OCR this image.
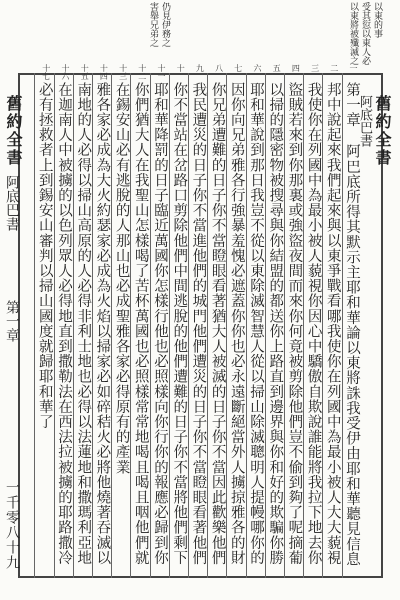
舊約全書
阿底巴書
舊約全書
阿底巴書
第一章
一千零八十九
以東的事
受其愆以東人必
以東將被殲滅之
仍見伊務之
害舉兄弟之
第一章 阿巴底所得其默示主耶和華論以東將誅我受伊由耶和華聽見信息
邦中說起來我們起來與以東爭戰看哪我使你在列國中為最小被人大大藐視
我使你在列國中為最小被人藐視你因心中驕傲自欺說誰能將我拉下地去你
盜賊若來到你那裏或強盜夜間而來你何竟被剪除他們豈不偷到夠了呢摘葡
以掃的隱密物被搜尋與你結盟的都送你上路直到邊界與你和好的欺騙你勝
耶和華說到那日我豈不從以東除滅智慧人從以掃山除滅聰明人提幔哪你的
因你向兄弟雅各行強暴羞愧必遮蓋你你也必永遠斷絕當外人擄掠雅各的財
你兄弟遭難的日子你不當瞪眼看著猶大人被滅的日子你不當因此歡樂他們
我民遭災的日子你不當進他們的城門他們遭災的日子你不當瞪眼看著他們
你不當站在岔路口剪除他們中間逃脫的他們遭難的日子你不當將他們剩下
耶和華降罰的日子臨近萬國你怎樣行他也必照樣向你行你的報應必歸到你
你們猶大人在我聖山怎樣喝了苦杯萬國也必照樣常常地喝且喝且咽他們就
在錫安山必有逃脫的人那山也必成聖雅各家必得原有的產業
雅各家必成為大火約瑟家必成為火焰以掃家必如碎秸火必將他燒著吞滅以
南地的人必得以掃山高原的人必得非利士地也必得以法蓮地和撒瑪利亞地
在迦南人中被擄的以色列眾人必得地直到撒勒法在西法拉被擄的耶路撒冷
必有拯救者上到錫安山審判以掃山國度就歸耶和華了
一
二
三
四
五
六
七
八
九
十
十一
十二
十三
十四
十五
十六
十七
